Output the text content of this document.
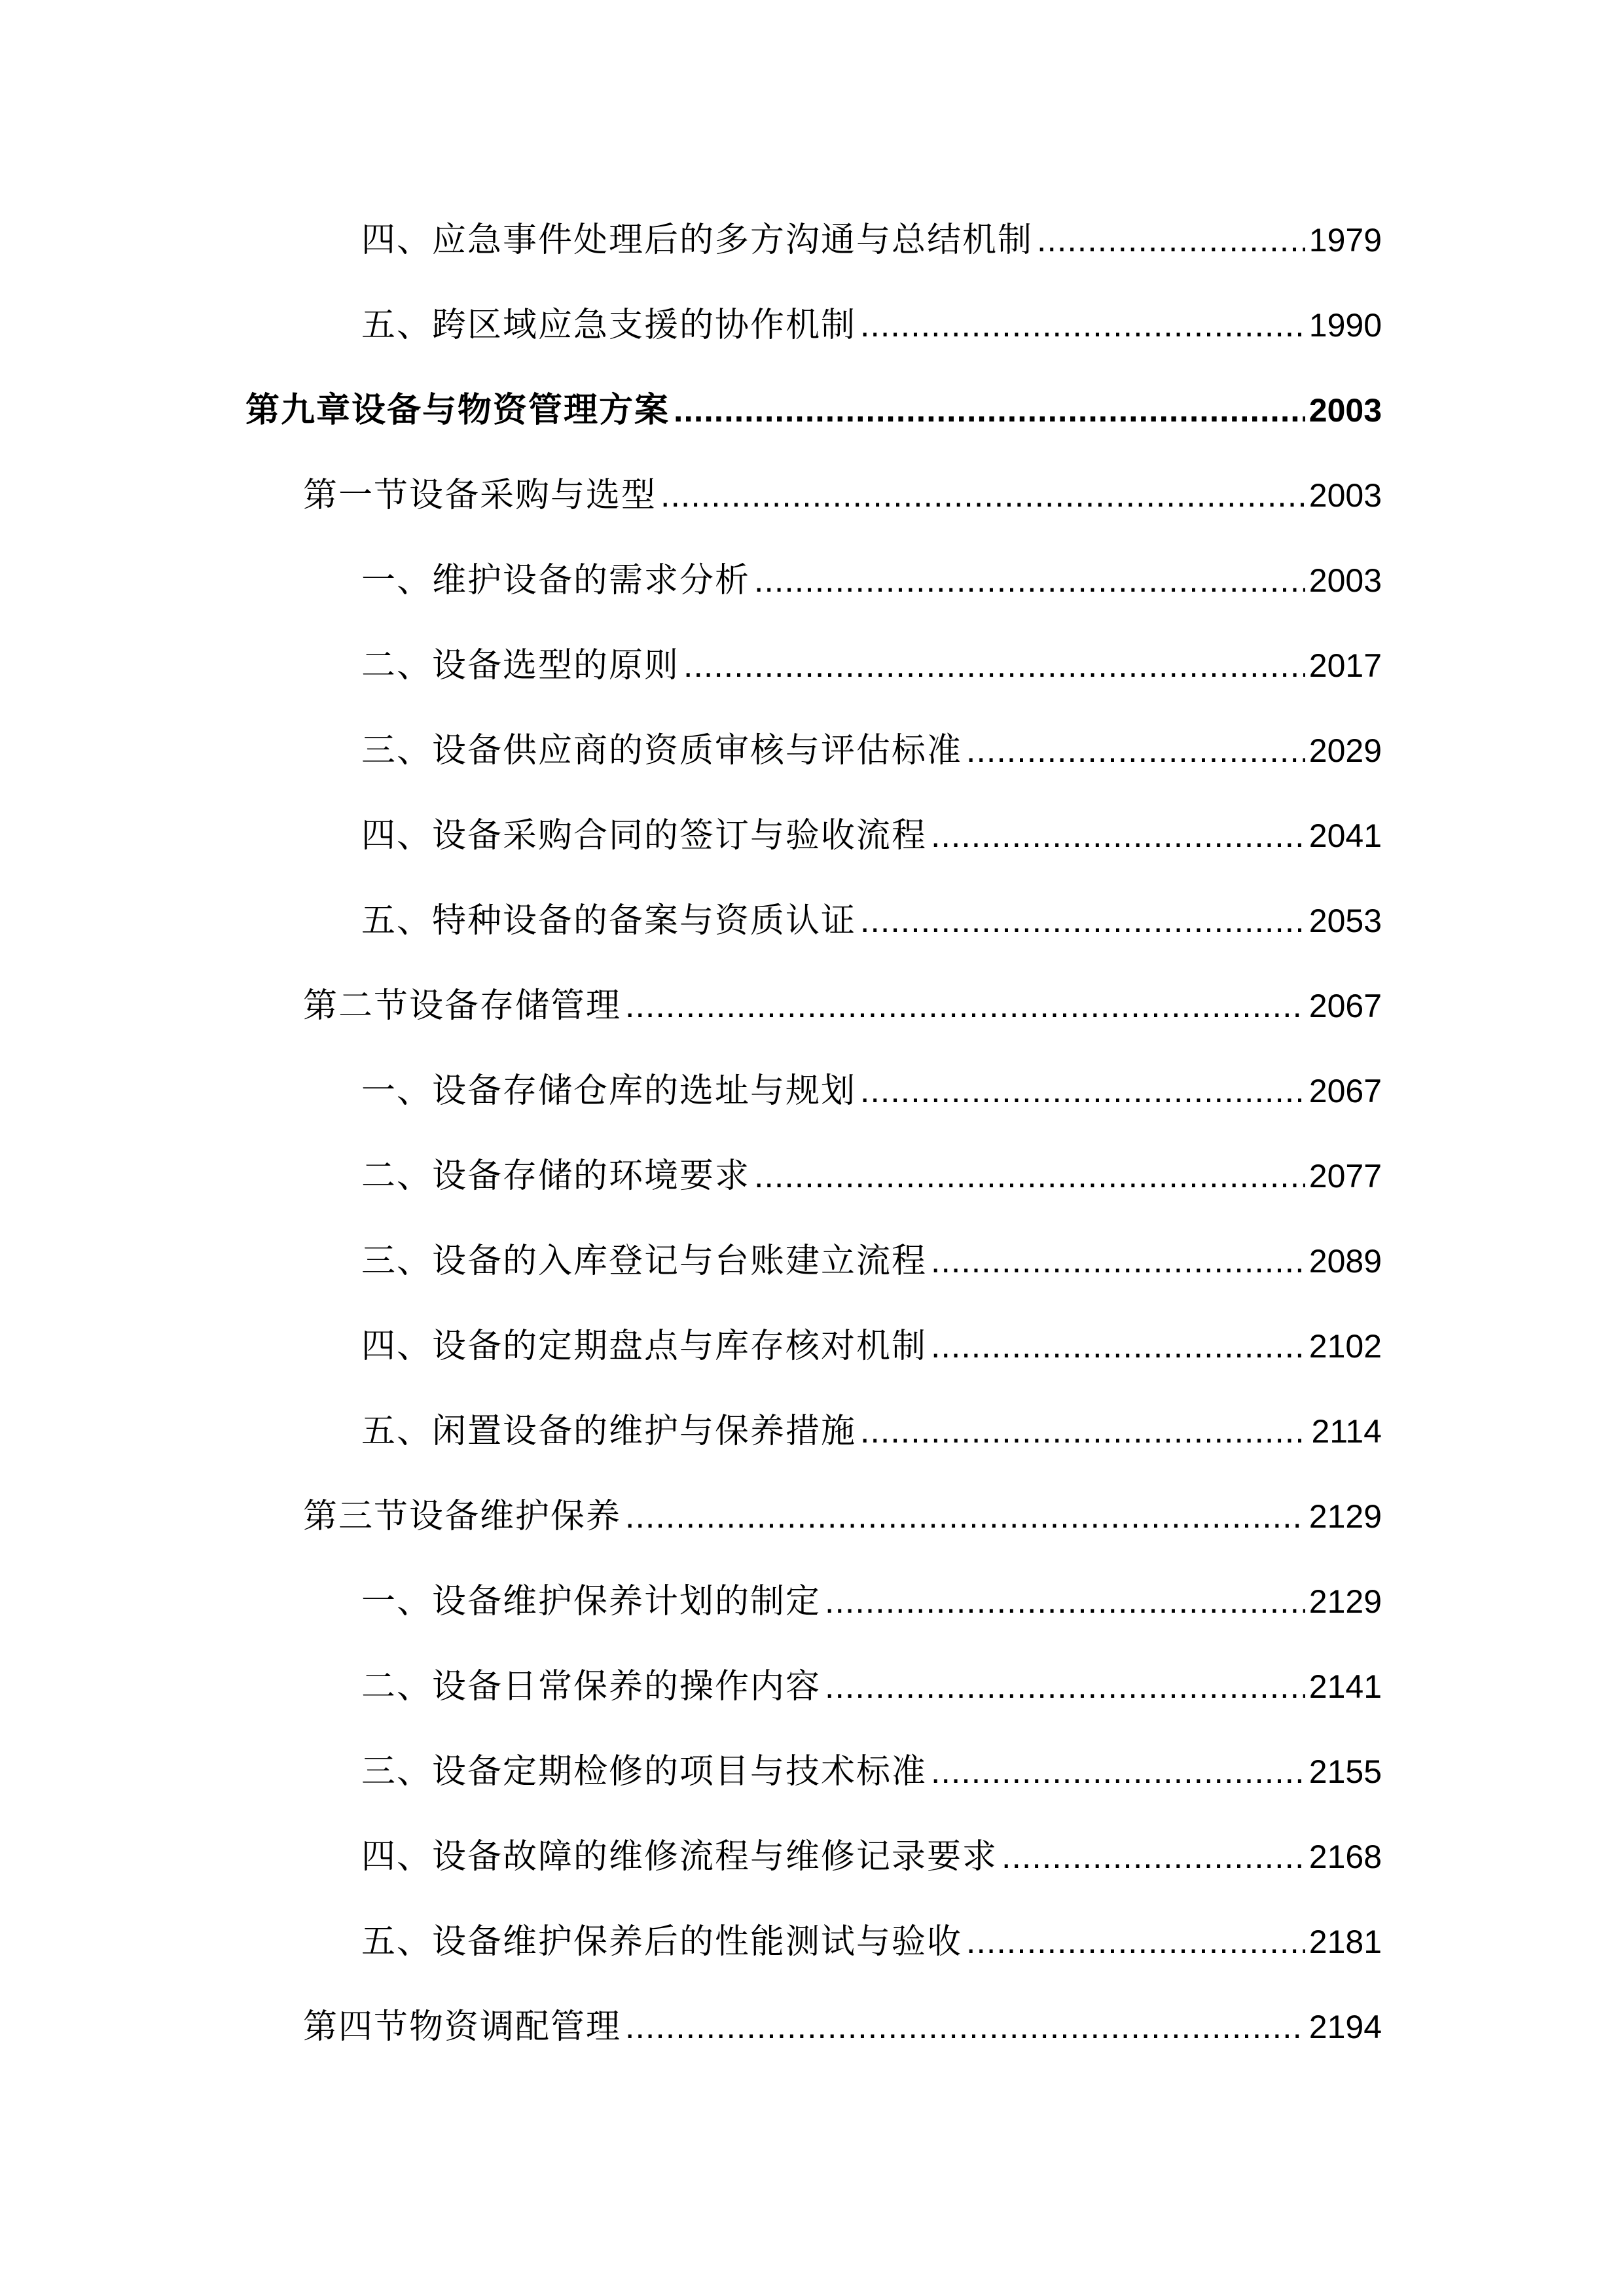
四、应急事件处理后的多方沟通与总结机制 .....	1979
五、跨区域应急支援的协作机制 .....	1990
第九章设备与物资管理方案 .....	2003
第一节设备采购与选型 .....	2003
一、维护设备的需求分析 .....	2003
二、设备选型的原则 .....	2017
三、设备供应商的资质审核与评估标准 .....	2029
四、设备采购合同的签订与验收流程 .....	2041
五、特种设备的备案与资质认证 .....	2053
第二节设备存储管理 .....	2067
一、设备存储仓库的选址与规划 .....	2067
二、设备存储的环境要求 .....	2077
三、设备的入库登记与台账建立流程 .....	2089
四、设备的定期盘点与库存核对机制 .....	2102
五、闲置设备的维护与保养措施 .....	2114
第三节设备维护保养 .....	2129
一、设备维护保养计划的制定 .....	2129
二、设备日常保养的操作内容 .....	2141
三、设备定期检修的项目与技术标准 .....	2155
四、设备故障的维修流程与维修记录要求 .....	2168
五、设备维护保养后的性能测试与验收 .....	2181
第四节物资调配管理 .....	2194
